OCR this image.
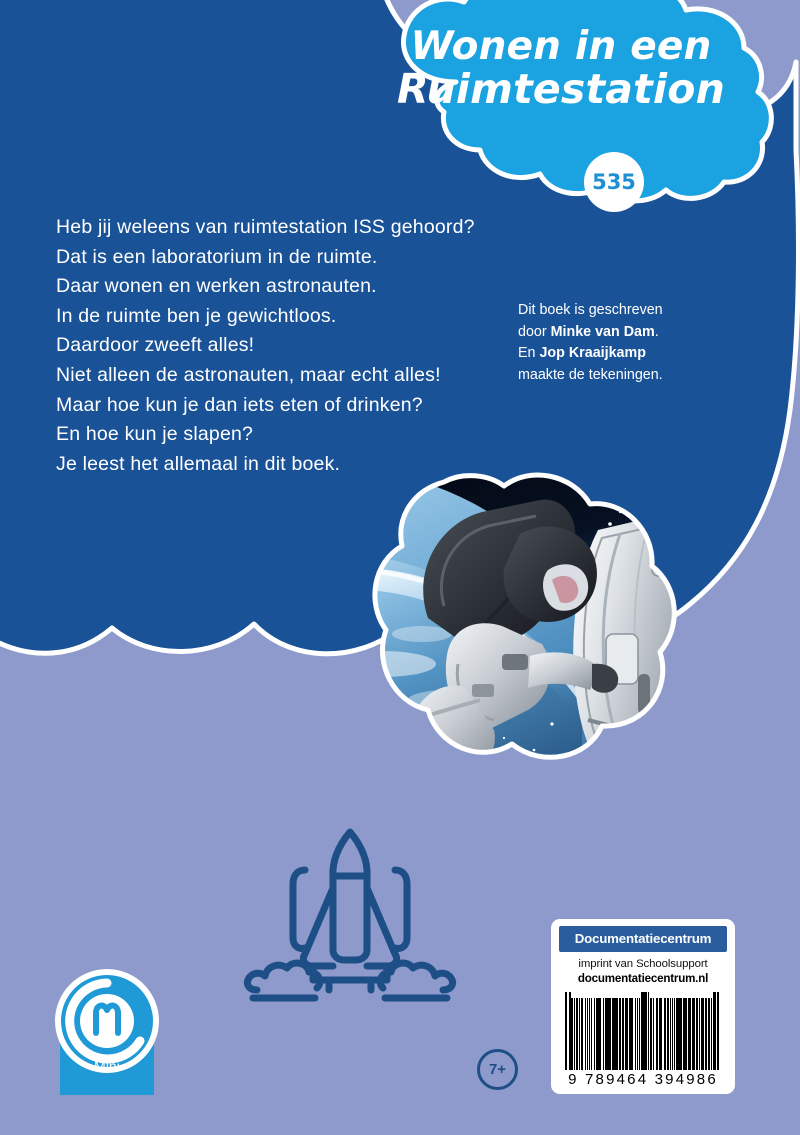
Heb jij weleens van ruimtestation ISS gehoord?
Dat is een laboratorium in de ruimte.
Daar wonen en werken astronauten.
In de ruimte ben je gewichtloos.
Daardoor zweeft alles!
Niet alleen de astronauten, maar echt alles!
Maar hoe kun je dan iets eten of drinken?
En hoe kun je slapen?
Je leest het allemaal in dit boek.
Dit boek is geschreven
door Minke van Dam.
En Jop Kraaijkamp
maakte de tekeningen.
Wonen in een
Ruimtestation
535
7+
Mini
Documentatiecentrum
imprint van Schoolsupport
documentatiecentrum.nl
9 789464 394986
